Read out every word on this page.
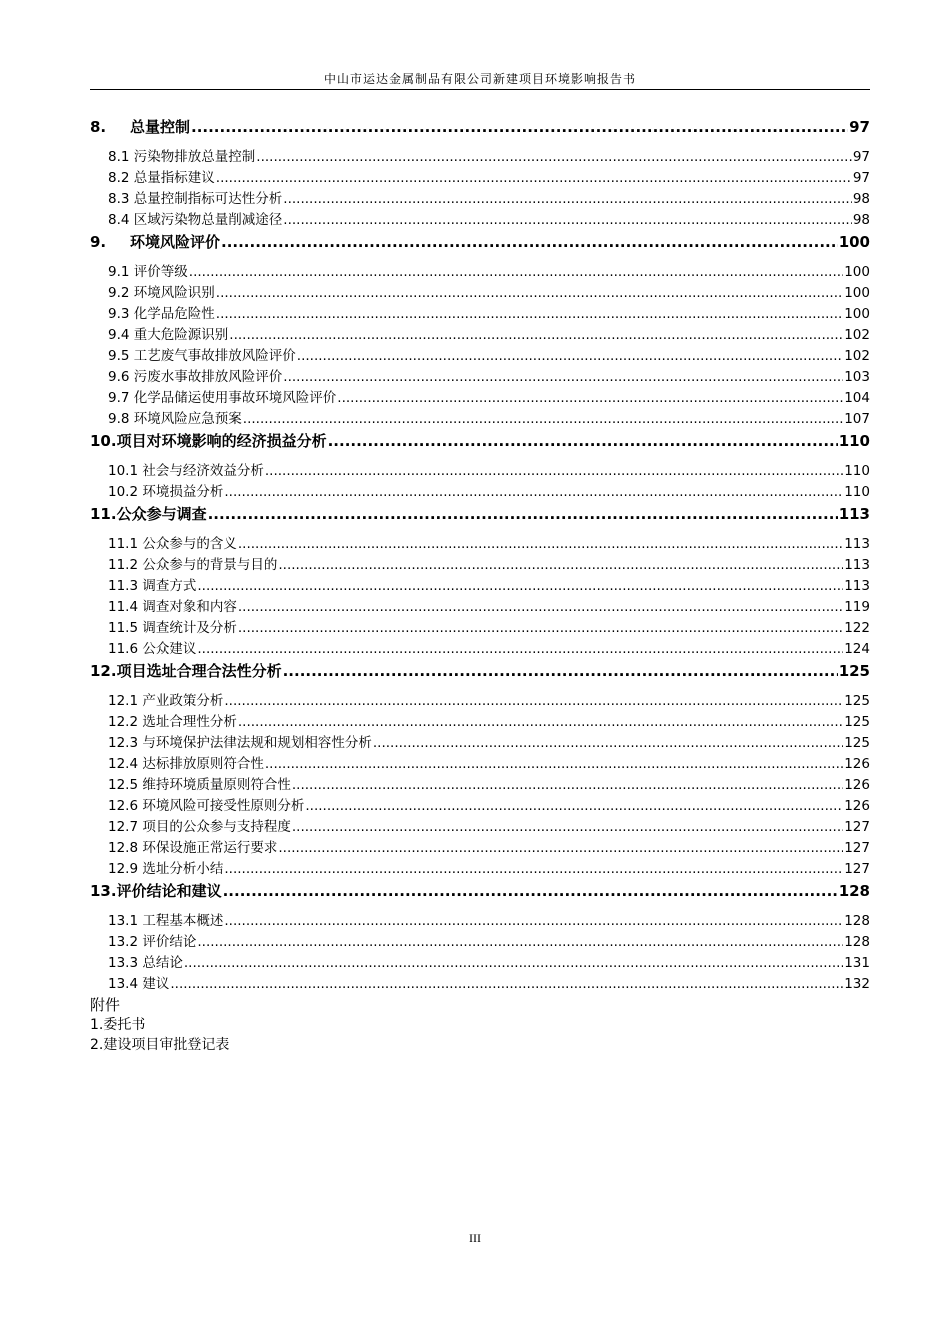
中山市运达金属制品有限公司新建项目环境影响报告书
8. 总量控制 .....	97
8.1 污染物排放总量控制 .....	97
8.2 总量指标建议 .....	97
8.3 总量控制指标可达性分析 .....	98
8.4 区域污染物总量削减途径 .....	98
9. 环境风险评价 .....	100
9.1 评价等级 .....	100
9.2 环境风险识别 .....	100
9.3 化学品危险性 .....	100
9.4 重大危险源识别 .....	102
9.5 工艺废气事故排放风险评价 .....	102
9.6 污废水事故排放风险评价 .....	103
9.7 化学品储运使用事故环境风险评价 .....	104
9.8 环境风险应急预案 .....	107
10.项目对环境影响的经济损益分析 .....	110
10.1 社会与经济效益分析 .....	110
10.2 环境损益分析 .....	110
11.公众参与调查 .....	113
11.1 公众参与的含义 .....	113
11.2 公众参与的背景与目的 .....	113
11.3 调查方式 .....	113
11.4 调查对象和内容 .....	119
11.5 调查统计及分析 .....	122
11.6 公众建议 .....	124
12.项目选址合理合法性分析 .....	125
12.1 产业政策分析 .....	125
12.2 选址合理性分析 .....	125
12.3 与环境保护法律法规和规划相容性分析 .....	125
12.4 达标排放原则符合性 .....	126
12.5 维持环境质量原则符合性 .....	126
12.6 环境风险可接受性原则分析 .....	126
12.7 项目的公众参与支持程度 .....	127
12.8 环保设施正常运行要求 .....	127
12.9 选址分析小结 .....	127
13.评价结论和建议 .....	128
13.1 工程基本概述 .....	128
13.2 评价结论 .....	128
13.3 总结论 .....	131
13.4 建议 .....	132
附件
1.委托书
2.建设项目审批登记表
III
